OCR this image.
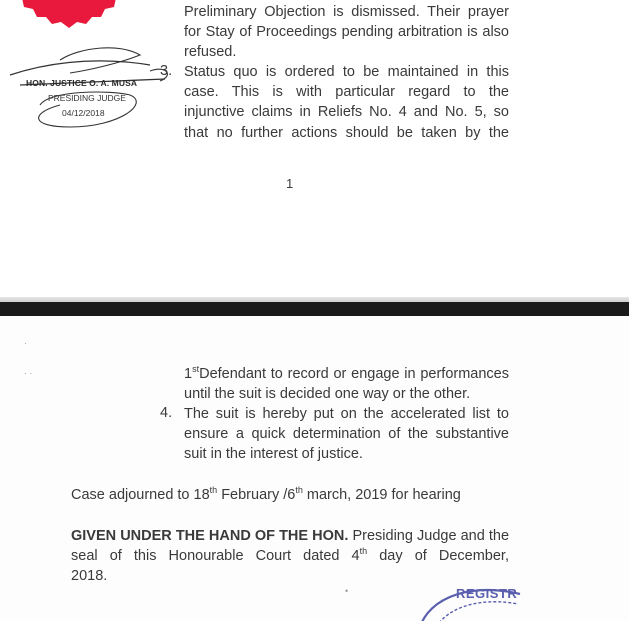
HON. JUSTICE O. A. MUSA
PRESIDING JUDGE
04/12/2018
Preliminary Objection is dismissed. Their prayer
for Stay of Proceedings pending arbitration is also
refused.
3. Status quo is ordered to be maintained in this
case. This is with particular regard to the
injunctive claims in Reliefs No. 4 and No. 5, so
that no further actions should be taken by the
1
·
· ·	1stDefendant to record or engage in performances
until the suit is decided one way or the other.
4. The suit is hereby put on the accelerated list to
ensure a quick determination of the substantive
suit in the interest of justice.
Case adjourned to 18th February /6th march, 2019 for hearing
GIVEN UNDER THE HAND OF THE HON. Presiding Judge and the
seal of this Honourable Court dated 4th day of December,
2018.
REGISTR
•
